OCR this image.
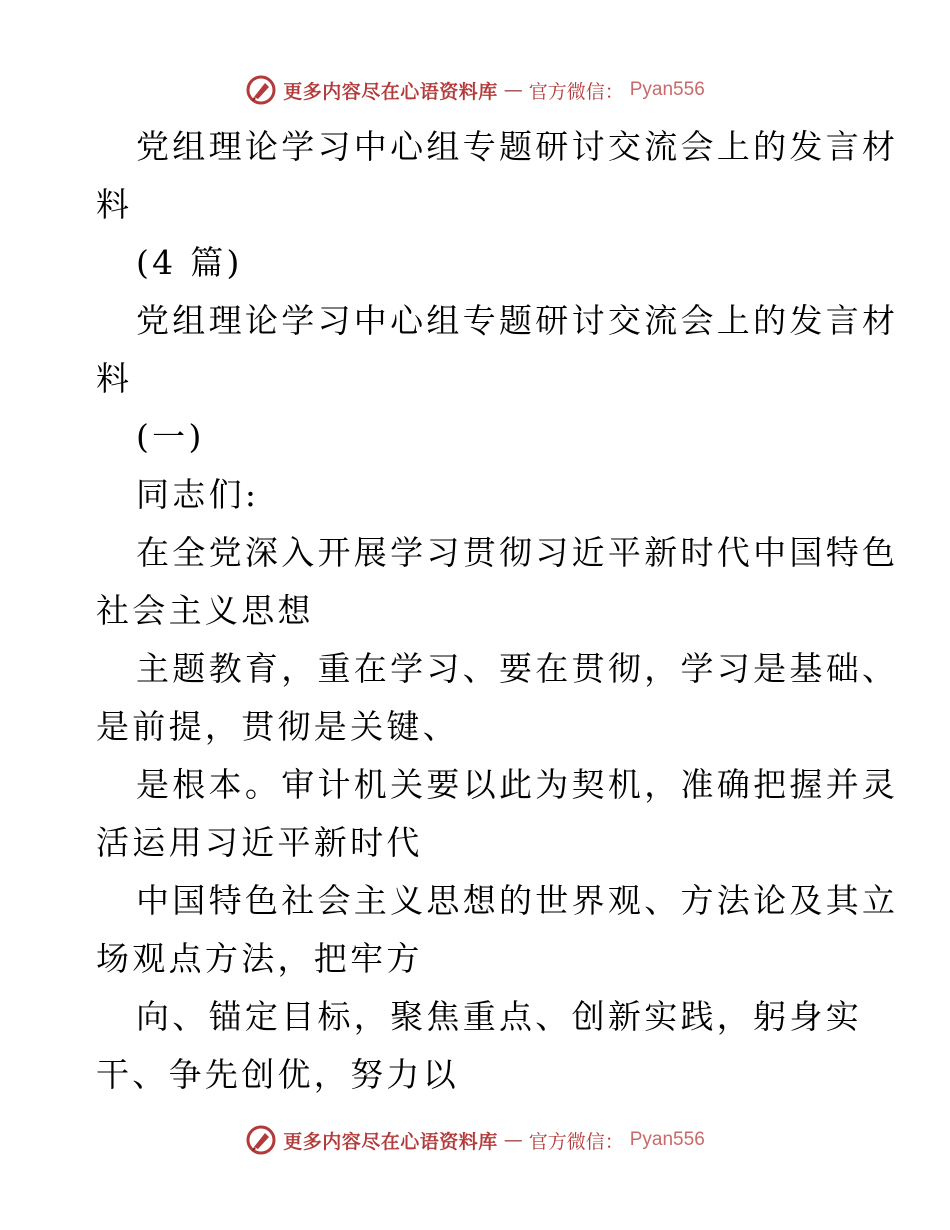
更多内容尽在心语资料库 — 官方微信： Pyan556
党组理论学习中心组专题研讨交流会上的发言材
料
(4 篇)
党组理论学习中心组专题研讨交流会上的发言材
料
(一)
同志们:
在全党深入开展学习贯彻习近平新时代中国特色
社会主义思想
主题教育，重在学习、要在贯彻，学习是基础、
是前提，贯彻是关键、
是根本。审计机关要以此为契机，准确把握并灵
活运用习近平新时代
中国特色社会主义思想的世界观、方法论及其立
场观点方法，把牢方
向、锚定目标，聚焦重点、创新实践，躬身实
干、争先创优，努力以
更多内容尽在心语资料库 — 官方微信： Pyan556
